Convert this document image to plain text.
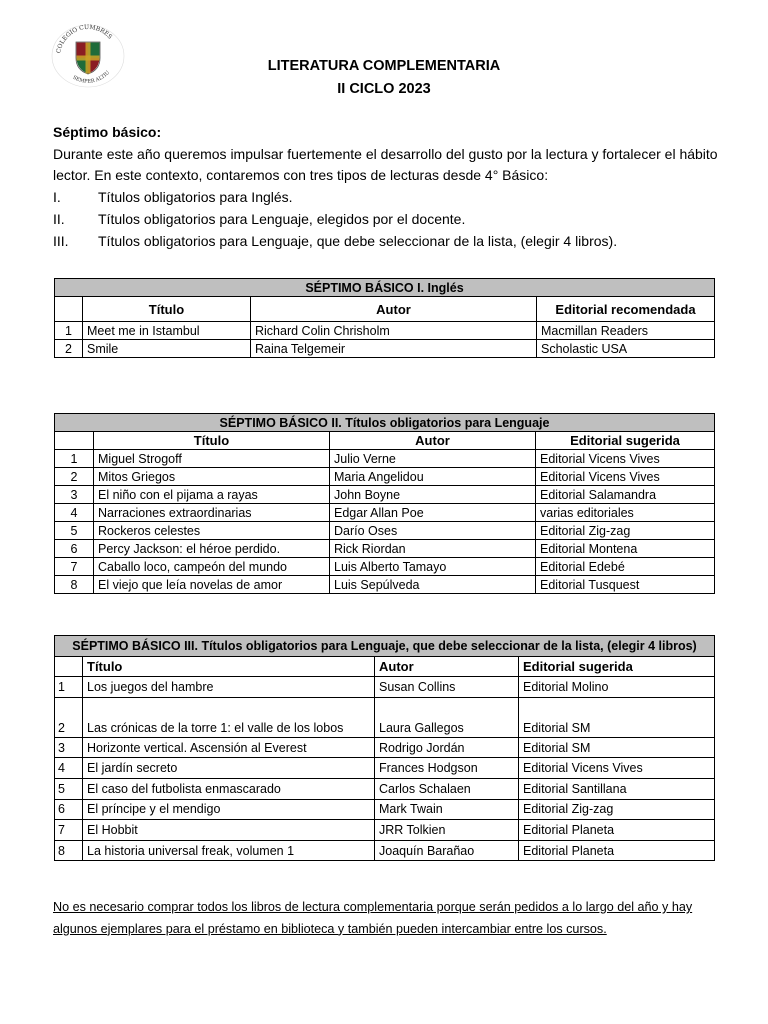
COLEGIO CUMBRES
SEMPER ALTIU	LITERATURA COMPLEMENTARIA
II CICLO 2023
Séptimo básico:
Durante este año queremos impulsar fuertemente el desarrollo del gusto por la lectura y fortalecer el hábito lector. En este contexto, contaremos con tres tipos de lecturas desde 4° Básico:
I.	Títulos obligatorios para Inglés.
II. Títulos obligatorios para Lenguaje, elegidos por el docente.
III. Títulos obligatorios para Lenguaje, que debe seleccionar de la lista, (elegir 4 libros).
SÉPTIMO BÁSICO I. Inglés			
	Título	Autor	Editorial recomendada
1	Meet me in Istambul	Richard Colin Chrisholm	Macmillan Readers
2	Smile	Raina Telgemeir	Scholastic USA
SÉPTIMO BÁSICO II. Títulos obligatorios para Lenguaje			
	Título	Autor	Editorial sugerida
1	Miguel Strogoff	Julio Verne	Editorial Vicens Vives
2	Mitos Griegos	Maria Angelidou	Editorial Vicens Vives
3	El niño con el pijama a rayas	John Boyne	Editorial Salamandra
4	Narraciones extraordinarias	Edgar Allan Poe	varias editoriales
5	Rockeros celestes	Darío Oses	Editorial Zig-zag
6	Percy Jackson: el héroe perdido.	Rick Riordan	Editorial Montena
7	Caballo loco, campeón del mundo	Luis Alberto Tamayo	Editorial Edebé
8	El viejo que leía novelas de amor	Luis Sepúlveda	Editorial Tusquest
SÉPTIMO BÁSICO III. Títulos obligatorios para Lenguaje, que debe seleccionar de la lista, (elegir 4 libros)			
	Título	Autor	Editorial sugerida
1	Los juegos del hambre	Susan Collins	Editorial Molino
2	Las crónicas de la torre 1: el valle de los lobos	Laura Gallegos	Editorial SM
3	Horizonte vertical. Ascensión al Everest	Rodrigo Jordán	Editorial SM
4	El jardín secreto	Frances Hodgson	Editorial Vicens Vives
5	El caso del futbolista enmascarado	Carlos Schalaen	Editorial Santillana
6	El príncipe y el mendigo	Mark Twain	Editorial Zig-zag
7	El Hobbit	JRR Tolkien	Editorial Planeta
8	La historia universal freak, volumen 1	Joaquín Barañao	Editorial Planeta
No es necesario comprar todos los libros de lectura complementaria porque serán pedidos a lo largo del año y hay algunos ejemplares para el préstamo en biblioteca y también pueden intercambiar entre los cursos.
